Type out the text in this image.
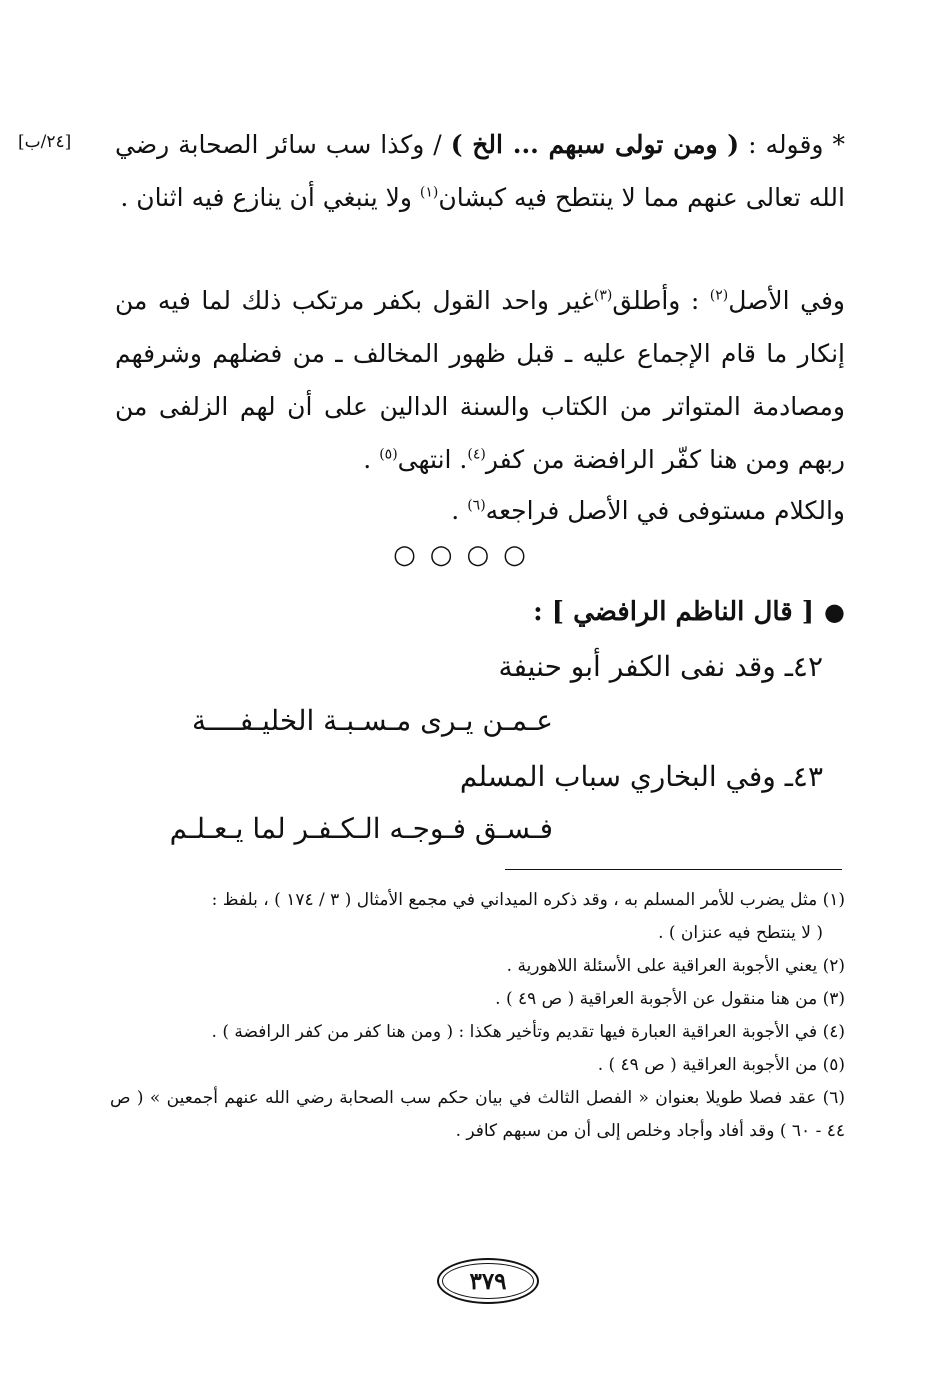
[٢٤/ب]	* وقوله : ( ومن تولى سبهم ... الخ ) / وكذا سب سائر الصحابة رضي الله تعالى عنهم مما لا ينتطح فيه كبشان$^{(١)}$ ولا ينبغي أن ينازع فيه اثنان .

وفي الأصل$^{(٢)}$ : وأطلق$^{(٣)}$غير واحد القول بكفر مرتكب ذلك لما فيه من إنكار ما قام الإجماع عليه ـ قبل ظهور المخالف ـ من فضلهم وشرفهم ومصادمة المتواتر من الكتاب والسنة الدالين على أن لهم الزلفى من ربهم ومن هنا كفّر الرافضة من كفر$^{(٤)}$. انتهى$^{(٥)}$ .

والكلام مستوفى في الأصل فراجعه$^{(٦)}$ .

○○○○
●[ قال الناظم الرافضي ] :
٤٢ـ وقد نفى الكفر أبو حنيفة
عـمـن يـرى مـسـبـة الخليـفــــة
٤٣ـ وفي البخاري سباب المسلم
فـسـق فـوجـه الـكـفـر لما يـعـلـم
(١) مثل يضرب للأمر المسلم به ، وقد ذكره الميداني في مجمع الأمثال ( ٣ / ١٧٤ ) ، بلفظ :
( لا ينتطح فيه عنزان ) .
(٢) يعني الأجوبة العراقية على الأسئلة اللاهورية .
(٣) من هنا منقول عن الأجوبة العراقية ( ص ٤٩ ) .
(٤) في الأجوبة العراقية العبارة فيها تقديم وتأخير هكذا : ( ومن هنا كفر من كفر الرافضة ) .
(٥) من الأجوبة العراقية ( ص ٤٩ ) .
(٦) عقد فصلا طويلا بعنوان « الفصل الثالث في بيان حكم سب الصحابة رضي الله عنهم أجمعين » ( ص ٤٤ - ٦٠ ) وقد أفاد وأجاد وخلص إلى أن من سبهم كافر .
٣٧٩
